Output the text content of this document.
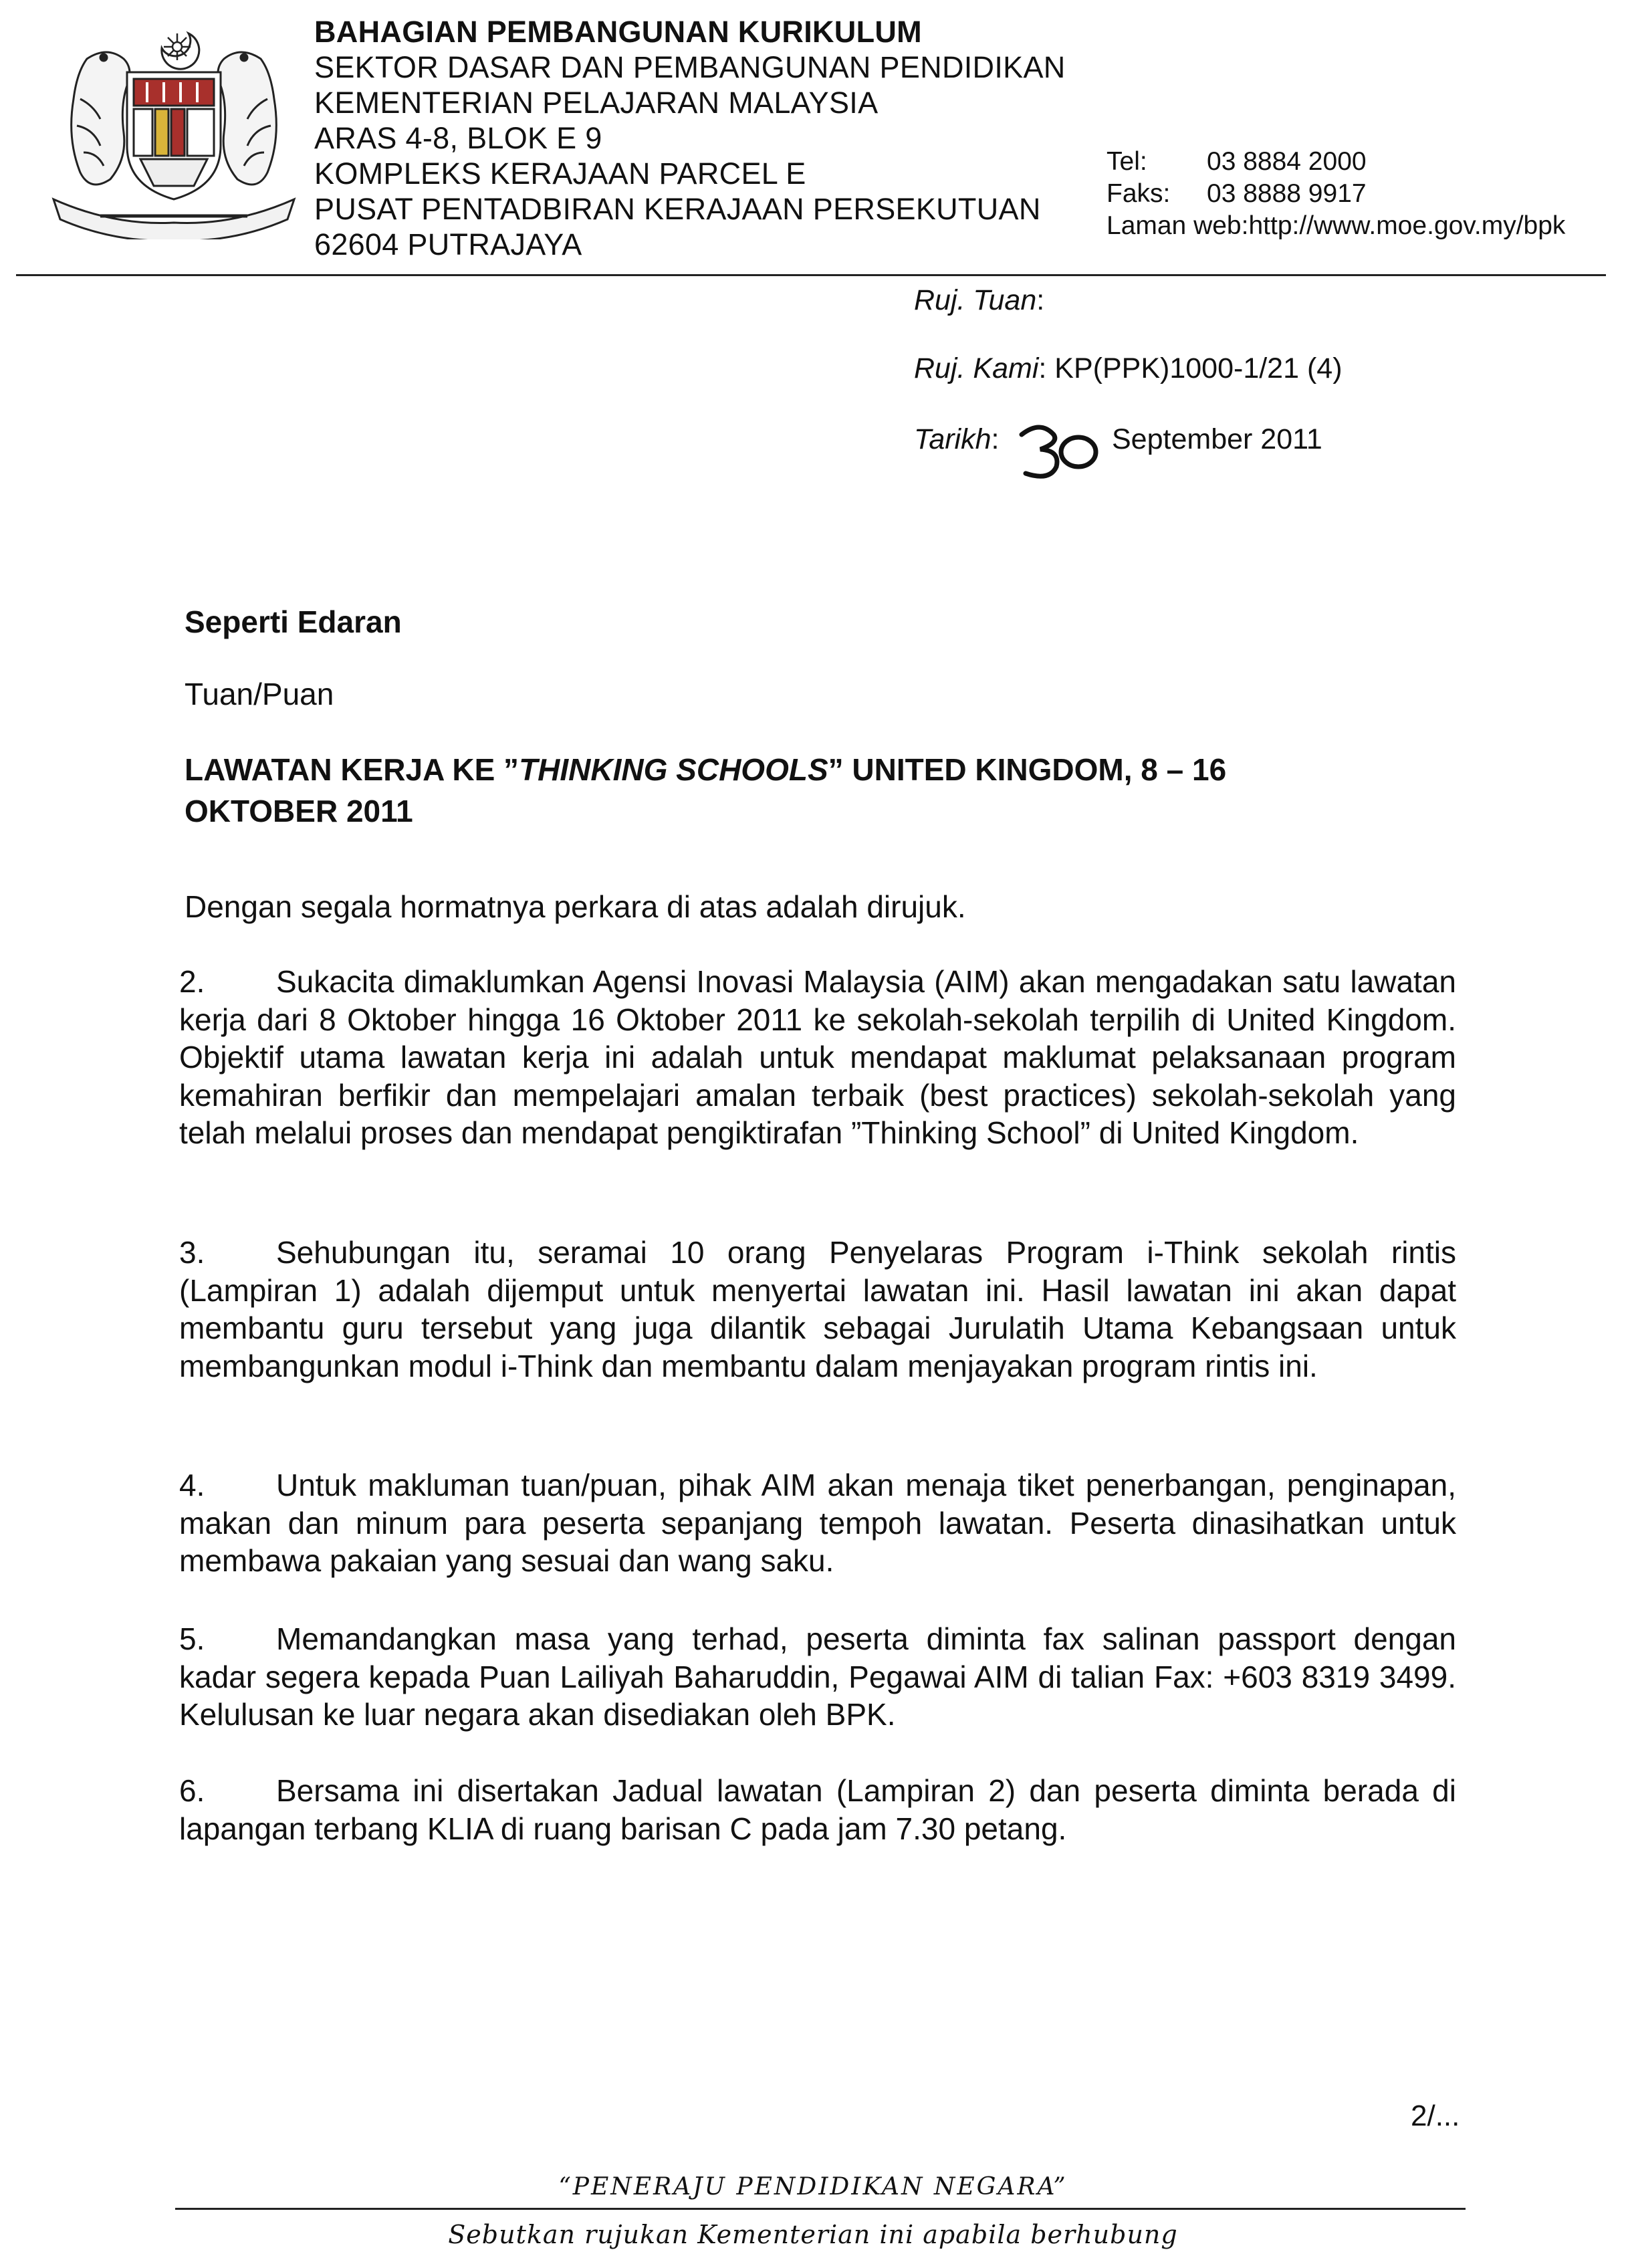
BAHAGIAN PEMBANGUNAN KURIKULUM
SEKTOR DASAR DAN PEMBANGUNAN PENDIDIKAN
KEMENTERIAN PELAJARAN MALAYSIA
ARAS 4-8, BLOK E 9
KOMPLEKS KERAJAAN PARCEL E
PUSAT PENTADBIRAN KERAJAAN PERSEKUTUAN
62604 PUTRAJAYA
Tel: 03 8884 2000
Faks: 03 8888 9917
Laman web:http://www.moe.gov.my/bpk
Ruj. Tuan:
Ruj. Kami: KP(PPK)1000-1/21 (4)
Tarikh:	September 2011
Seperti Edaran
Tuan/Puan
LAWATAN KERJA KE ”THINKING SCHOOLS” UNITED KINGDOM, 8 – 16 OKTOBER 2011
Dengan segala hormatnya perkara di atas adalah dirujuk.
2. Sukacita dimaklumkan Agensi Inovasi Malaysia (AIM) akan mengadakan satu lawatan kerja dari 8 Oktober hingga 16 Oktober 2011 ke sekolah-sekolah terpilih di United Kingdom. Objektif utama lawatan kerja ini adalah untuk mendapat maklumat pelaksanaan program kemahiran berfikir dan mempelajari amalan terbaik (best practices) sekolah-sekolah yang telah melalui proses dan mendapat pengiktirafan ”Thinking School” di United Kingdom.
3. Sehubungan itu, seramai 10 orang Penyelaras Program i-Think sekolah rintis (Lampiran 1) adalah dijemput untuk menyertai lawatan ini. Hasil lawatan ini akan dapat membantu guru tersebut yang juga dilantik sebagai Jurulatih Utama Kebangsaan untuk membangunkan modul i-Think dan membantu dalam menjayakan program rintis ini.
4. Untuk makluman tuan/puan, pihak AIM akan menaja tiket penerbangan, penginapan, makan dan minum para peserta sepanjang tempoh lawatan. Peserta dinasihatkan untuk membawa pakaian yang sesuai dan wang saku.
5. Memandangkan masa yang terhad, peserta diminta fax salinan passport dengan kadar segera kepada Puan Lailiyah Baharuddin, Pegawai AIM di talian Fax: +603 8319 3499. Kelulusan ke luar negara akan disediakan oleh BPK.
6. Bersama ini disertakan Jadual lawatan (Lampiran 2) dan peserta diminta berada di lapangan terbang KLIA di ruang barisan C pada jam 7.30 petang.
2/...
“PENERAJU PENDIDIKAN NEGARA”
Sebutkan rujukan Kementerian ini apabila berhubung
